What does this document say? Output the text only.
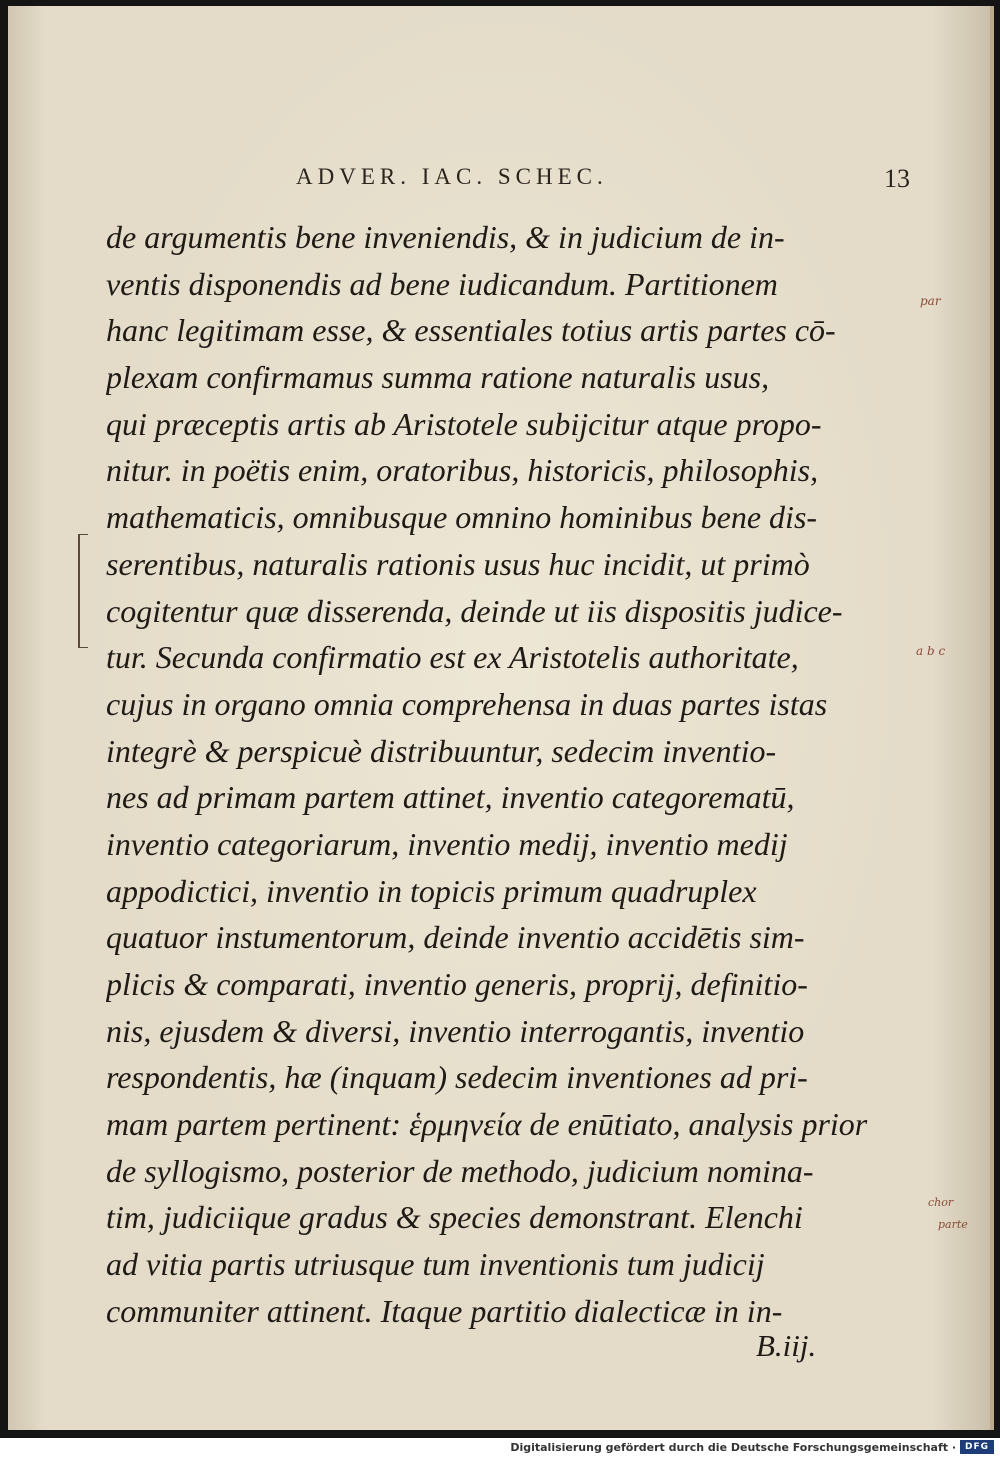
ADVER. IAC. SCHEC.	13
de argumentis bene inveniendis, & in judicium de in-
ventis disponendis ad bene iudicandum. Partitionem
hanc legitimam esse, & essentiales totius artis partes cō-
plexam confirmamus summa ratione naturalis usus,
qui præceptis artis ab Aristotele subijcitur atque propo-
nitur. in poëtis enim, oratoribus, historicis, philosophis,
mathematicis, omnibusque omnino hominibus bene dis-
serentibus, naturalis rationis usus huc incidit, ut primò
cogitentur quæ disserenda, deinde ut iis dispositis judice-
tur. Secunda confirmatio est ex Aristotelis authoritate,
cujus in organo omnia comprehensa in duas partes istas
integrè & perspicuè distribuuntur, sedecim inventio-
nes ad primam partem attinet, inventio categorematū,
inventio categoriarum, inventio medij, inventio medij
appodictici, inventio in topicis primum quadruplex
quatuor instumentorum, deinde inventio accidētis sim-
plicis & comparati, inventio generis, proprij, definitio-
nis, ejusdem & diversi, inventio interrogantis, inventio
respondentis, hæ (inquam) sedecim inventiones ad pri-
mam partem pertinent: ἑρμηνεία de enūtiato, analysis prior
de syllogismo, posterior de methodo, judicium nomina-
tim, judiciique gradus & species demonstrant. Elenchi
ad vitia partis utriusque tum inventionis tum judicij
communiter attinent. Itaque partitio dialecticæ in in-
B.iij.
par
a b c
chor
parte
Digitalisierung gefördert durch die Deutsche Forschungsgemeinschaft · DFG
